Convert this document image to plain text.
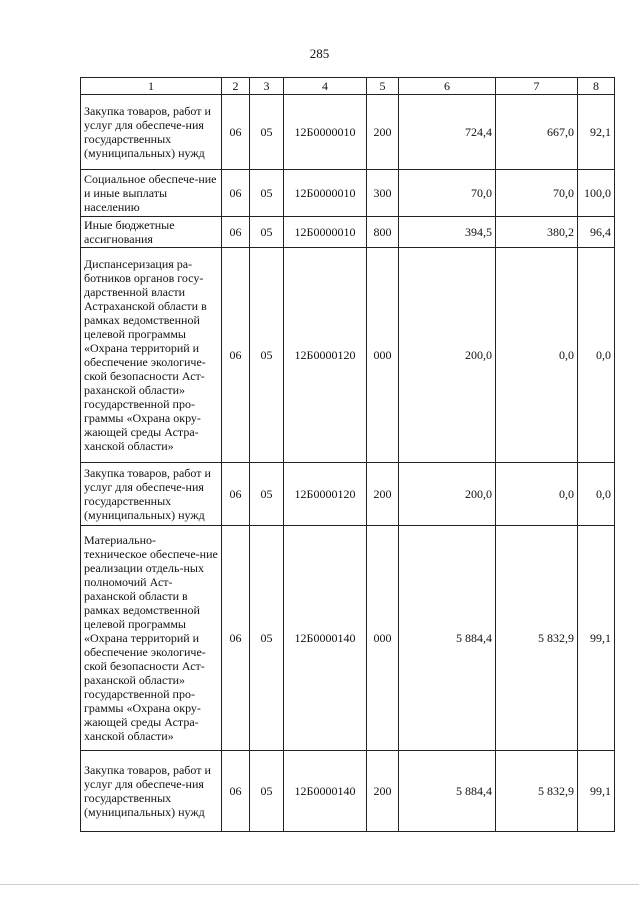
285
1	2	3	4	5	6	7	8
Закупка товаров, работ и услуг для обеспече-ния государственных (муниципальных) нужд	06	05	12Б0000010	200	724,4	667,0	92,1
Социальное обеспече-ние и иные выплаты населению	06	05	12Б0000010	300	70,0	70,0	100,0
Иные бюджетные ассигнования	06	05	12Б0000010	800	394,5	380,2	96,4
Диспансеризация ра-ботников органов госу-дарственной власти Астраханской области в рамках ведомственной целевой программы «Охрана территорий и обеспечение экологиче-ской безопасности Аст-раханской области» государственной про-граммы «Охрана окру-жающей среды Астра-ханской области»	06	05	12Б0000120	000	200,0	0,0	0,0
Закупка товаров, работ и услуг для обеспече-ния государственных (муниципальных) нужд	06	05	12Б0000120	200	200,0	0,0	0,0
Материально-техническое обеспече-ние реализации отдель-ных полномочий Аст-раханской области в рамках ведомственной целевой программы «Охрана территорий и обеспечение экологиче-ской безопасности Аст-раханской области» государственной про-граммы «Охрана окру-жающей среды Астра-ханской области»	06	05	12Б0000140	000	5 884,4	5 832,9	99,1
Закупка товаров, работ и услуг для обеспече-ния государственных (муниципальных) нужд	06	05	12Б0000140	200	5 884,4	5 832,9	99,1
